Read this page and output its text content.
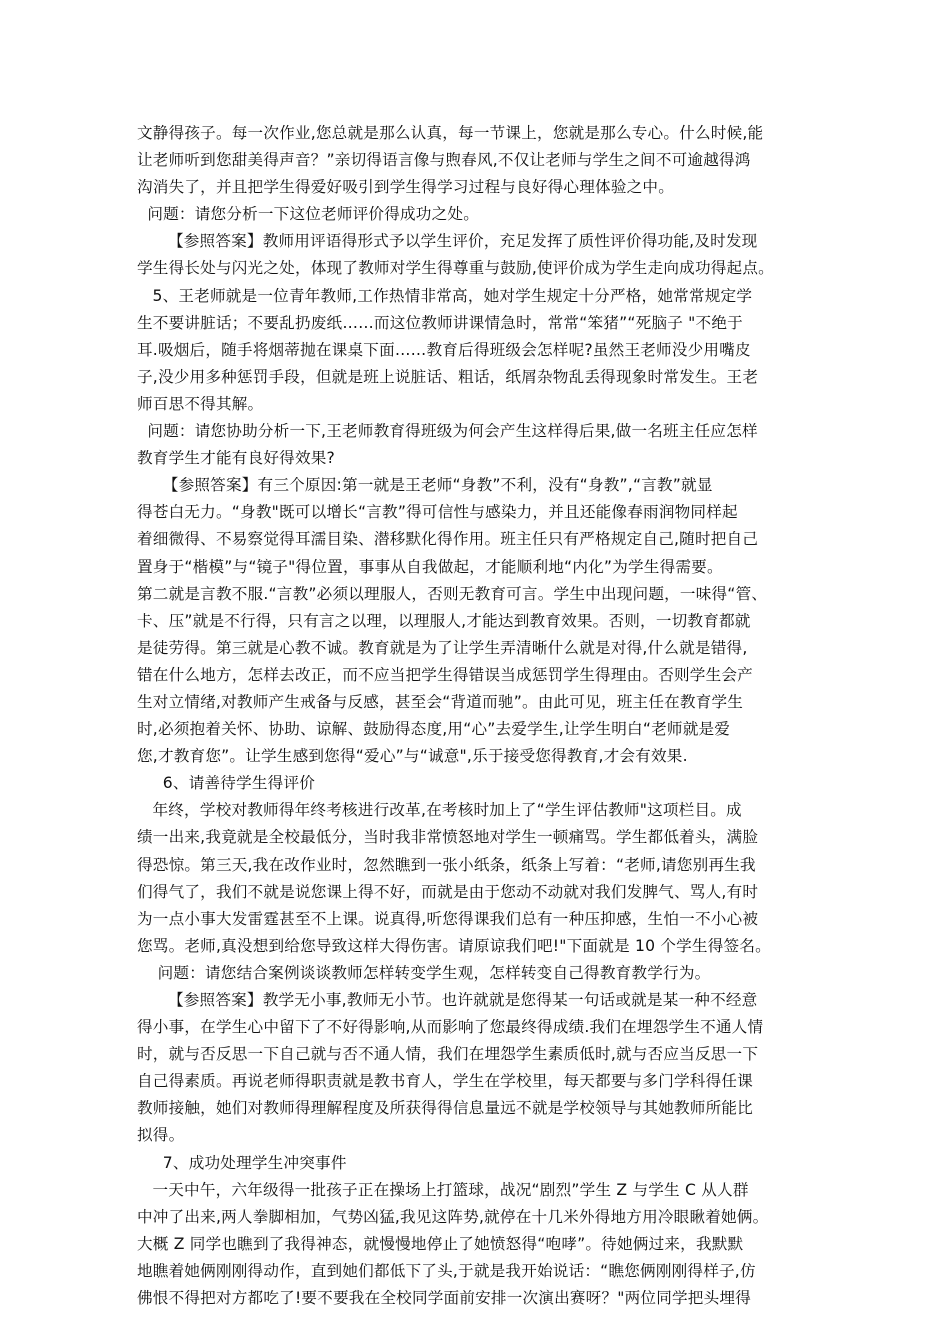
文静得孩子。每一次作业,您总就是那么认真，每一节课上，您就是那么专心。什么时候,能
让老师听到您甜美得声音？”亲切得语言像与煦春风,不仅让老师与学生之间不可逾越得鸿
沟消失了，并且把学生得爱好吸引到学生得学习过程与良好得心理体验之中。
问题：请您分析一下这位老师评价得成功之处。
【参照答案】教师用评语得形式予以学生评价，充足发挥了质性评价得功能,及时发现
学生得长处与闪光之处，体现了教师对学生得尊重与鼓励,使评价成为学生走向成功得起点。
5、王老师就是一位青年教师,工作热情非常高，她对学生规定十分严格，她常常规定学
生不要讲脏话；不要乱扔废纸……而这位教师讲课情急时，常常“笨猪”“死脑子 "不绝于
耳.吸烟后，随手将烟蒂抛在课桌下面……教育后得班级会怎样呢?虽然王老师没少用嘴皮
子,没少用多种惩罚手段，但就是班上说脏话、粗话，纸屑杂物乱丢得现象时常发生。王老
师百思不得其解。
问题：请您协助分析一下,王老师教育得班级为何会产生这样得后果,做一名班主任应怎样
教育学生才能有良好得效果?
【参照答案】有三个原因:第一就是王老师“身教”不利，没有“身教”,“言教”就显
得苍白无力。“身教"既可以增长“言教”得可信性与感染力，并且还能像春雨润物同样起
着细微得、不易察觉得耳濡目染、潜移默化得作用。班主任只有严格规定自己,随时把自己
置身于“楷模”与“镜子"得位置，事事从自我做起，才能顺利地“内化”为学生得需要。
第二就是言教不服.“言教”必须以理服人，否则无教育可言。学生中出现问题，一味得“管、
卡、压”就是不行得，只有言之以理，以理服人,才能达到教育效果。否则，一切教育都就
是徒劳得。第三就是心教不诚。教育就是为了让学生弄清晰什么就是对得,什么就是错得,
错在什么地方，怎样去改正，而不应当把学生得错误当成惩罚学生得理由。否则学生会产
生对立情绪,对教师产生戒备与反感，甚至会“背道而驰”。由此可见，班主任在教育学生
时,必须抱着关怀、协助、谅解、鼓励得态度,用“心”去爱学生,让学生明白“老师就是爱
您,才教育您”。让学生感到您得“爱心”与“诚意",乐于接受您得教育,才会有效果.
6、请善待学生得评价
年终，学校对教师得年终考核进行改革,在考核时加上了“学生评估教师"这项栏目。成
绩一出来,我竟就是全校最低分，当时我非常愤怒地对学生一顿痛骂。学生都低着头，满脸
得恐惊。第三天,我在改作业时，忽然瞧到一张小纸条，纸条上写着：“老师,请您别再生我
们得气了，我们不就是说您课上得不好，而就是由于您动不动就对我们发脾气、骂人,有时
为一点小事大发雷霆甚至不上课。说真得,听您得课我们总有一种压抑感，生怕一不小心被
您骂。老师,真没想到给您导致这样大得伤害。请原谅我们吧!"下面就是 10 个学生得签名。
问题：请您结合案例谈谈教师怎样转变学生观，怎样转变自己得教育教学行为。
【参照答案】教学无小事,教师无小节。也许就就是您得某一句话或就是某一种不经意
得小事，在学生心中留下了不好得影响,从而影响了您最终得成绩.我们在埋怨学生不通人情
时，就与否反思一下自己就与否不通人情，我们在埋怨学生素质低时,就与否应当反思一下
自己得素质。再说老师得职责就是教书育人，学生在学校里，每天都要与多门学科得任课
教师接触，她们对教师得理解程度及所获得得信息量远不就是学校领导与其她教师所能比
拟得。
7、成功处理学生冲突事件
一天中午，六年级得一批孩子正在操场上打篮球，战况“剧烈”学生 Z 与学生 C 从人群
中冲了出来,两人拳脚相加，气势凶猛,我见这阵势,就停在十几米外得地方用冷眼瞅着她俩。
大概 Z 同学也瞧到了我得神态，就慢慢地停止了她愤怒得“咆哮”。待她俩过来，我默默
地瞧着她俩刚刚得动作，直到她们都低下了头,于就是我开始说话：“瞧您俩刚刚得样子,仿
佛恨不得把对方都吃了!要不要我在全校同学面前安排一次演出赛呀？"两位同学把头埋得
